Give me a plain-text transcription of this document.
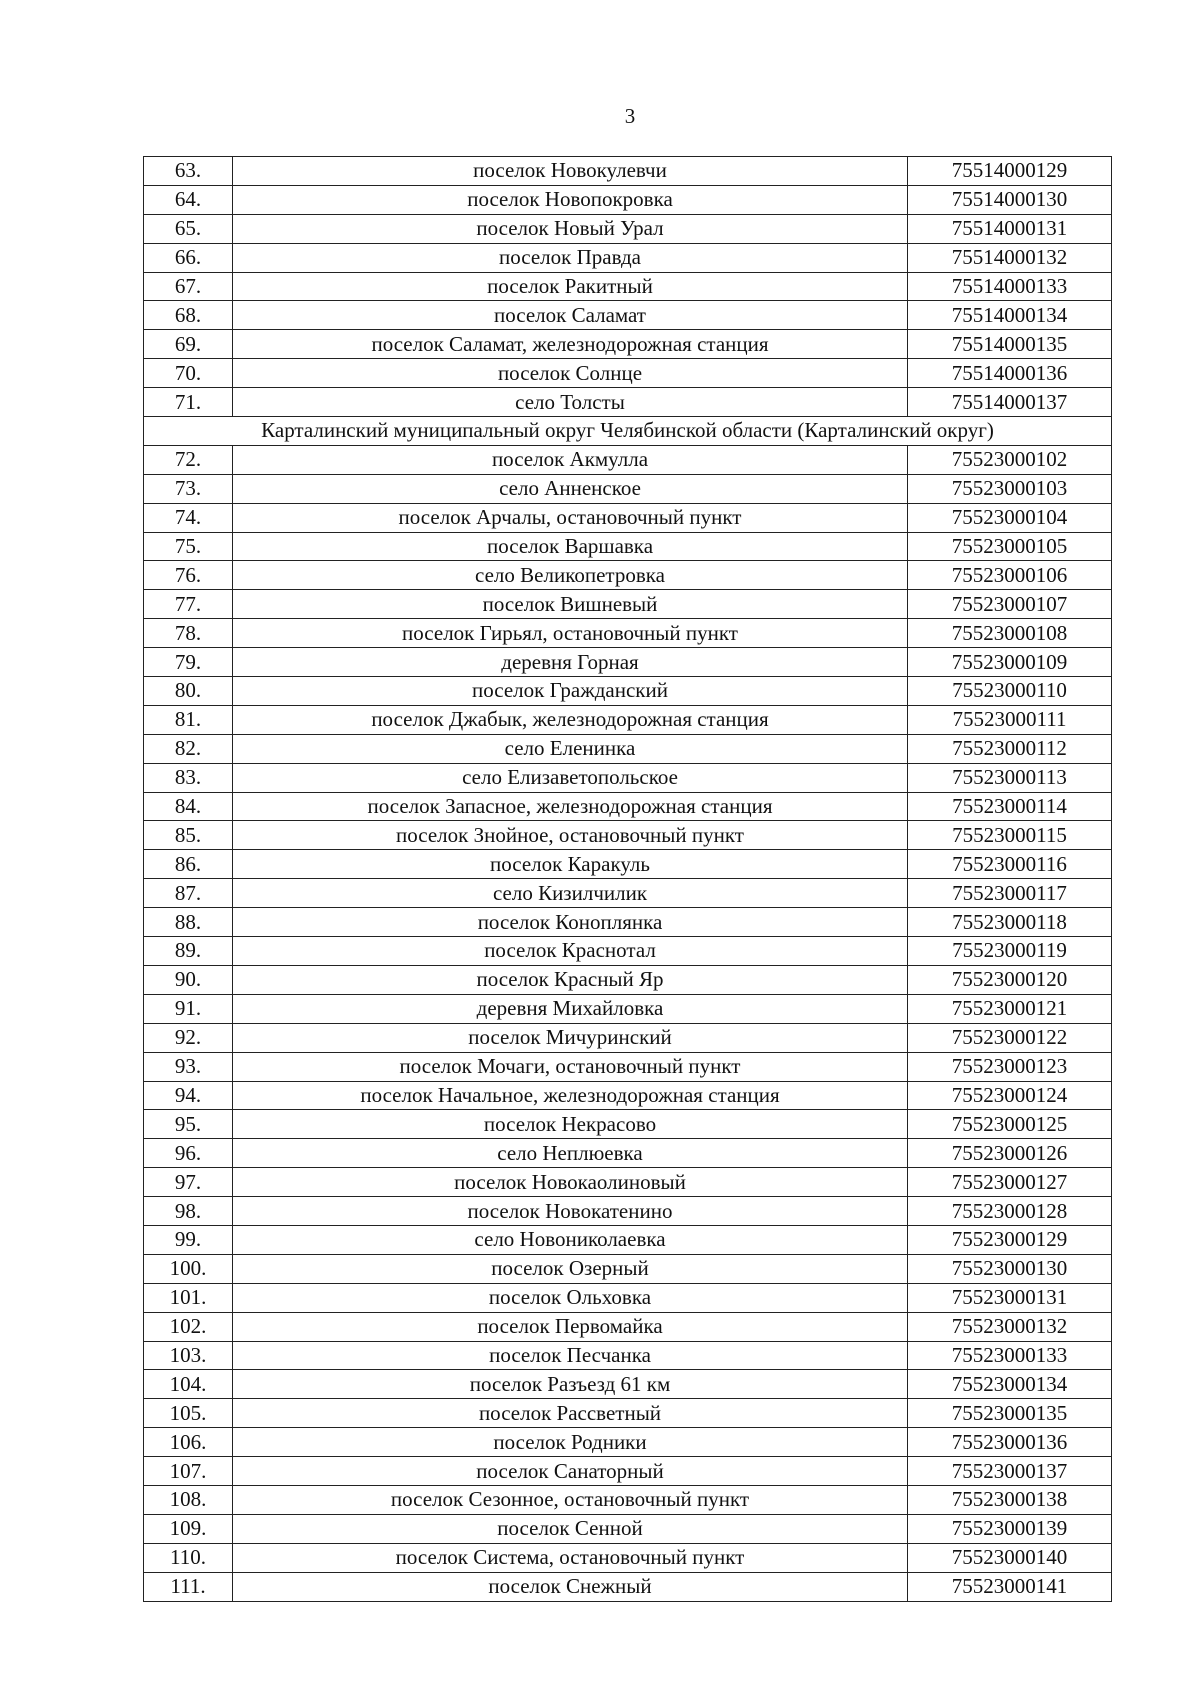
3
63.	поселок Новокулевчи	75514000129
64.	поселок Новопокровка	75514000130
65.	поселок Новый Урал	75514000131
66.	поселок Правда	75514000132
67.	поселок Ракитный	75514000133
68.	поселок Саламат	75514000134
69.	поселок Саламат, железнодорожная станция	75514000135
70.	поселок Солнце	75514000136
71.	село Толсты	75514000137
Карталинский муниципальный округ Челябинской области (Карталинский округ)		
72.	поселок Акмулла	75523000102
73.	село Анненское	75523000103
74.	поселок Арчалы, остановочный пункт	75523000104
75.	поселок Варшавка	75523000105
76.	село Великопетровка	75523000106
77.	поселок Вишневый	75523000107
78.	поселок Гирьял, остановочный пункт	75523000108
79.	деревня Горная	75523000109
80.	поселок Гражданский	75523000110
81.	поселок Джабык, железнодорожная станция	75523000111
82.	село Еленинка	75523000112
83.	село Елизаветопольское	75523000113
84.	поселок Запасное, железнодорожная станция	75523000114
85.	поселок Знойное, остановочный пункт	75523000115
86.	поселок Каракуль	75523000116
87.	село Кизилчилик	75523000117
88.	поселок Коноплянка	75523000118
89.	поселок Краснотал	75523000119
90.	поселок Красный Яр	75523000120
91.	деревня Михайловка	75523000121
92.	поселок Мичуринский	75523000122
93.	поселок Мочаги, остановочный пункт	75523000123
94.	поселок Начальное, железнодорожная станция	75523000124
95.	поселок Некрасово	75523000125
96.	село Неплюевка	75523000126
97.	поселок Новокаолиновый	75523000127
98.	поселок Новокатенино	75523000128
99.	село Новониколаевка	75523000129
100.	поселок Озерный	75523000130
101.	поселок Ольховка	75523000131
102.	поселок Первомайка	75523000132
103.	поселок Песчанка	75523000133
104.	поселок Разъезд 61 км	75523000134
105.	поселок Рассветный	75523000135
106.	поселок Родники	75523000136
107.	поселок Санаторный	75523000137
108.	поселок Сезонное, остановочный пункт	75523000138
109.	поселок Сенной	75523000139
110.	поселок Система, остановочный пункт	75523000140
111.	поселок Снежный	75523000141
